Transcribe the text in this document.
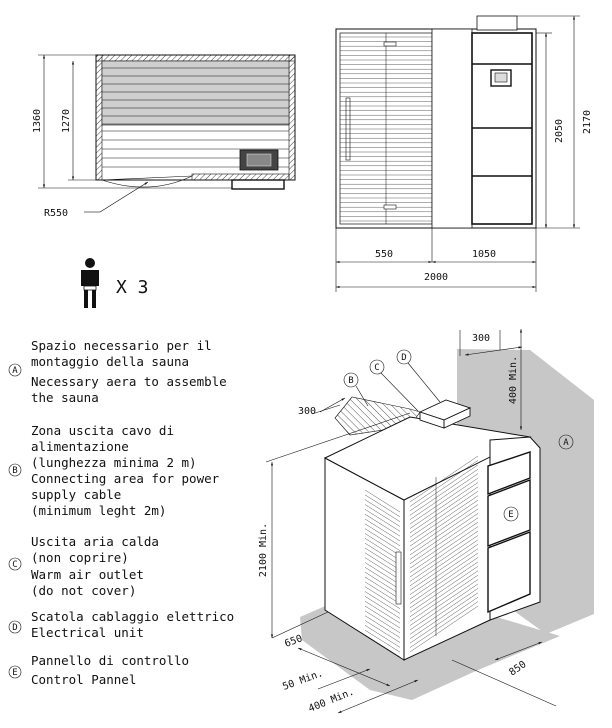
1360 1270
R550
2050 2170
550	1050
2000
X 3
A
Spazio necessario per il
montaggio della sauna
Necessary aera to assemble
the sauna
B
Zona uscita cavo di
alimentazione
(lunghezza minima 2 m)
Connecting area for power
supply cable
(minimum leght 2m)
C
Uscita aria calda
(non coprire)
Warm air outlet
(do not cover)
D
Scatola cablaggio elettrico
Electrical unit
E
Pannello di controllo
Control Pannel
300
400 Min.
300
2100 Min.
650
50 Min.
400 Min.
850
A
B
C
D
E
